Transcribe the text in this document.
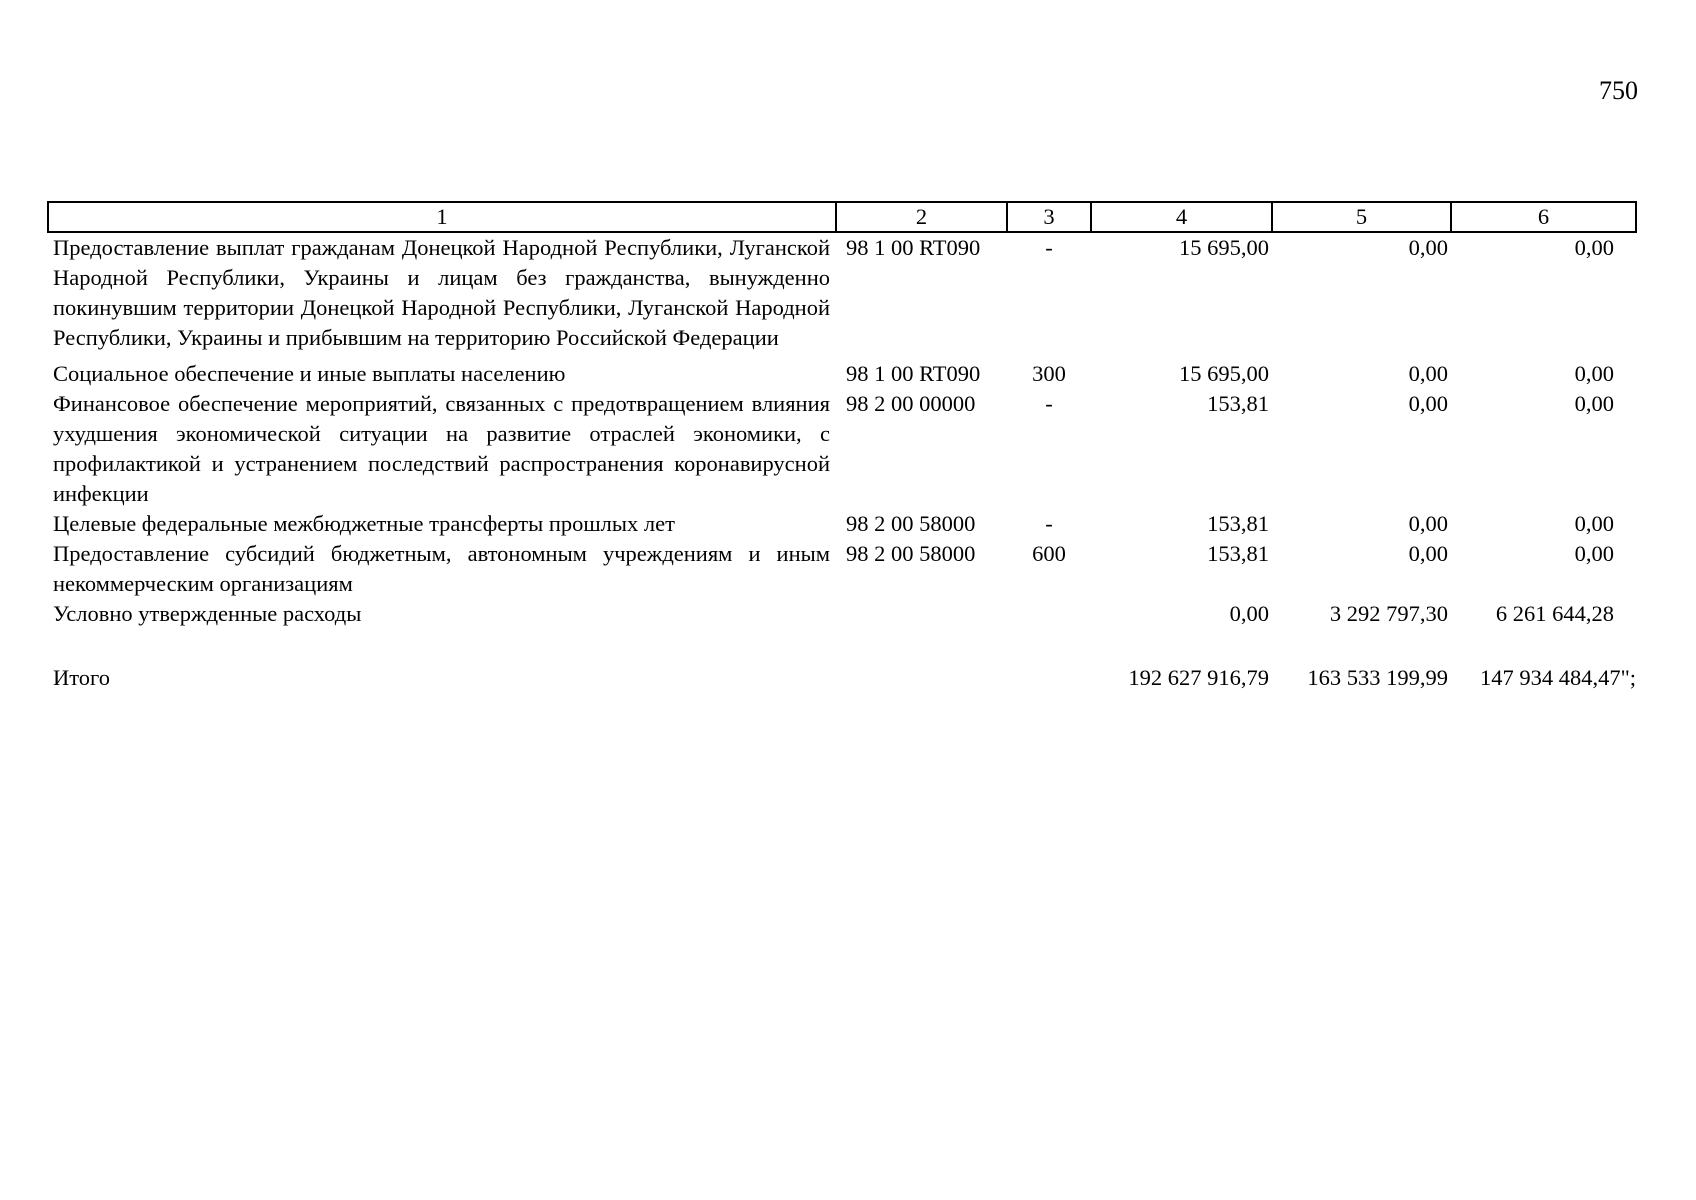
750
1	2	3	4	5	6
Предоставление выплат гражданам Донецкой Народной Республики, Луганской Народной Республики, Украины и лицам без гражданства, вынужденно покинувшим территории Донецкой Народной Республики, Луганской Народной Республики, Украины и прибывшим на территорию Российской Федерации	98 1 00 RT090	-	15 695,00	0,00	0,00
Социальное обеспечение и иные выплаты населению	98 1 00 RT090	300	15 695,00	0,00	0,00
Финансовое обеспечение мероприятий, связанных с предотвращением влияния ухудшения экономической ситуации на развитие отраслей экономики, с профилактикой и устранением последствий распространения коронавирусной инфекции	98 2 00 00000	-	153,81	0,00	0,00
Целевые федеральные межбюджетные трансферты прошлых лет	98 2 00 58000	-	153,81	0,00	0,00
Предоставление субсидий бюджетным, автономным учреждениям и иным некоммерческим организациям	98 2 00 58000	600	153,81	0,00	0,00
Условно утвержденные расходы			0,00	3 292 797,30	6 261 644,28

Итого			192 627 916,79	163 533 199,99	147 934 484,47";
